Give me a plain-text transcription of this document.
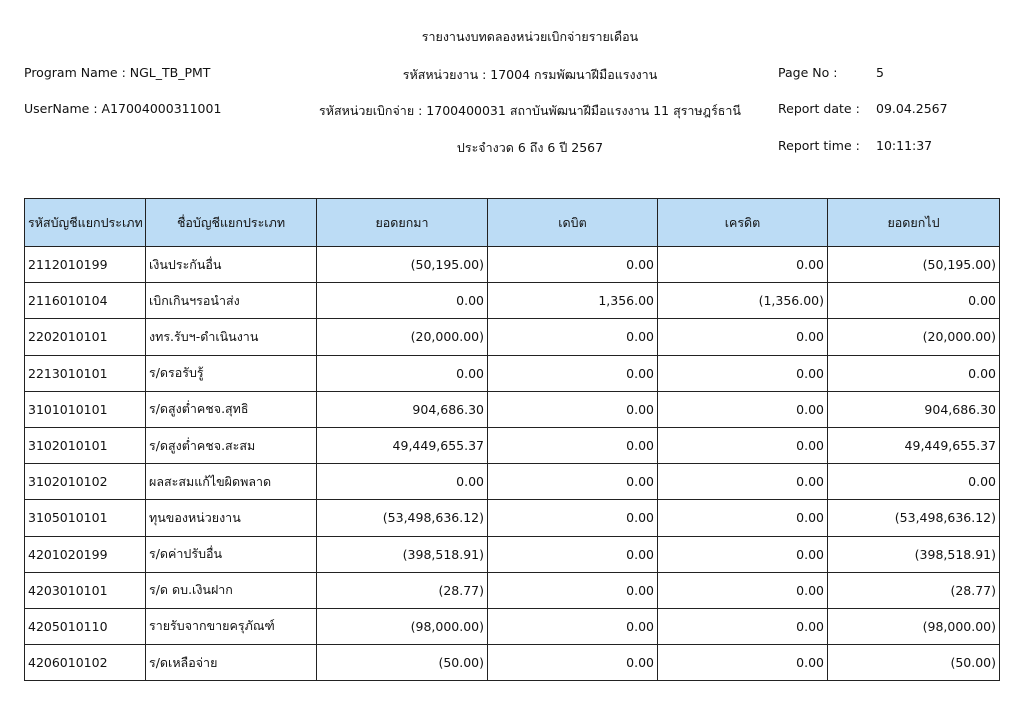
รายงานงบทดลองหน่วยเบิกจ่ายรายเดือน
Program Name : NGL_TB_PMT	รหัสหน่วยงาน : 17004 กรมพัฒนาฝีมือแรงงาน	Page No :	5
UserName : A17004000311001	รหัสหน่วยเบิกจ่าย : 1700400031 สถาบันพัฒนาฝีมือแรงงาน 11 สุราษฎร์ธานี	Report date : 09.04.2567
ประจำงวด 6 ถึง 6 ปี 2567	Report time : 10:11:37
รหัสบัญชีแยกประเภท	ชื่อบัญชีแยกประเภท	ยอดยกมา	เดบิต	เครดิต	ยอดยกไป
2112010199	เงินประกันอื่น	(50,195.00)	0.00	0.00	(50,195.00)
2116010104	เบิกเกินฯรอนำส่ง	0.00	1,356.00	(1,356.00)	0.00
2202010101	งทร.รับฯ-ดำเนินงาน	(20,000.00)	0.00	0.00	(20,000.00)
2213010101	ร/ดรอรับรู้	0.00	0.00	0.00	0.00
3101010101	ร/ดสูงต่ำคชจ.สุทธิ	904,686.30	0.00	0.00	904,686.30
3102010101	ร/ดสูงต่ำคชจ.สะสม	49,449,655.37	0.00	0.00	49,449,655.37
3102010102	ผลสะสมแก้ไขผิดพลาด	0.00	0.00	0.00	0.00
3105010101	ทุนของหน่วยงาน	(53,498,636.12)	0.00	0.00	(53,498,636.12)
4201020199	ร/ดค่าปรับอื่น	(398,518.91)	0.00	0.00	(398,518.91)
4203010101	ร/ด ดบ.เงินฝาก	(28.77)	0.00	0.00	(28.77)
4205010110	รายรับจากขายครุภัณฑ์	(98,000.00)	0.00	0.00	(98,000.00)
4206010102	ร/ดเหลือจ่าย	(50.00)	0.00	0.00	(50.00)
